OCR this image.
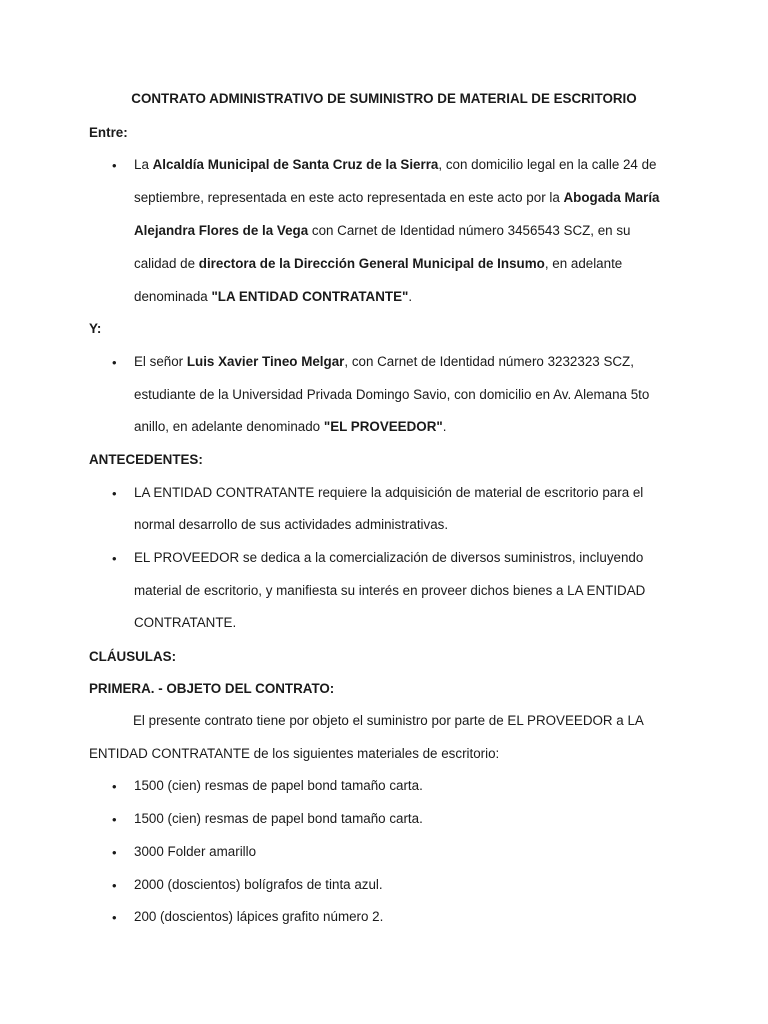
CONTRATO ADMINISTRATIVO DE SUMINISTRO DE MATERIAL DE ESCRITORIO
Entre:
• La Alcaldía Municipal de Santa Cruz de la Sierra, con domicilio legal en la calle 24 de
septiembre, representada en este acto representada en este acto por la Abogada María
Alejandra Flores de la Vega con Carnet de Identidad número 3456543 SCZ, en su
calidad de directora de la Dirección General Municipal de Insumo, en adelante
denominada "LA ENTIDAD CONTRATANTE".
Y:
• El señor Luis Xavier Tineo Melgar, con Carnet de Identidad número 3232323 SCZ,
estudiante de la Universidad Privada Domingo Savio, con domicilio en Av. Alemana 5to
anillo, en adelante denominado "EL PROVEEDOR".
ANTECEDENTES:
• LA ENTIDAD CONTRATANTE requiere la adquisición de material de escritorio para el
normal desarrollo de sus actividades administrativas.
• EL PROVEEDOR se dedica a la comercialización de diversos suministros, incluyendo
material de escritorio, y manifiesta su interés en proveer dichos bienes a LA ENTIDAD
CONTRATANTE.
CLÁUSULAS:
PRIMERA. - OBJETO DEL CONTRATO:
El presente contrato tiene por objeto el suministro por parte de EL PROVEEDOR a LA
ENTIDAD CONTRATANTE de los siguientes materiales de escritorio:
• 1500 (cien) resmas de papel bond tamaño carta.
• 1500 (cien) resmas de papel bond tamaño carta.
• 3000 Folder amarillo
• 2000 (doscientos) bolígrafos de tinta azul.
• 200 (doscientos) lápices grafito número 2.
